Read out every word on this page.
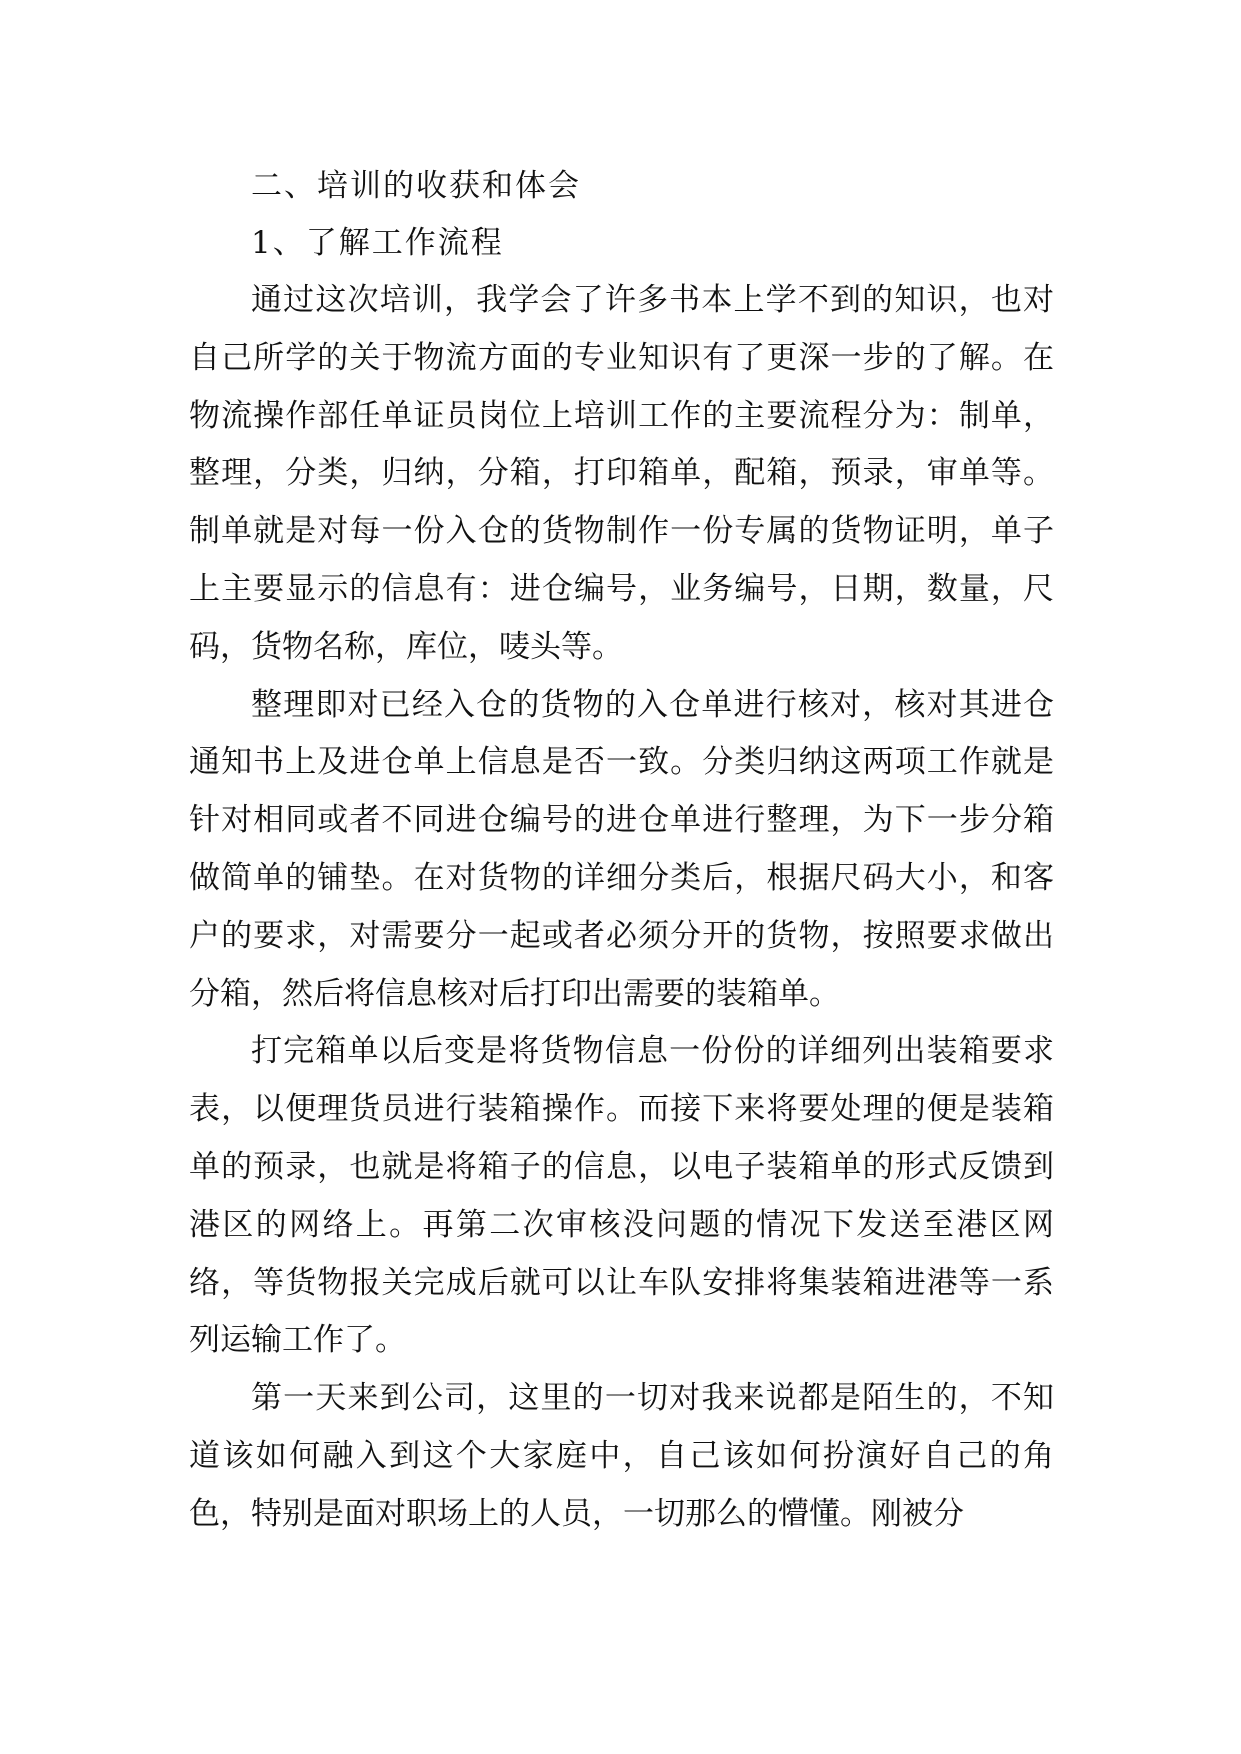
二、培训的收获和体会

1、了解工作流程

通过这次培训，我学会了许多书本上学不到的知识，也对自己所学的关于物流方面的专业知识有了更深一步的了解。在物流操作部任单证员岗位上培训工作的主要流程分为：制单，整理，分类，归纳，分箱，打印箱单，配箱，预录，审单等。制单就是对每一份入仓的货物制作一份专属的货物证明，单子上主要显示的信息有：进仓编号，业务编号，日期，数量，尺码，货物名称，库位，唛头等。

整理即对已经入仓的货物的入仓单进行核对，核对其进仓通知书上及进仓单上信息是否一致。分类归纳这两项工作就是针对相同或者不同进仓编号的进仓单进行整理，为下一步分箱做简单的铺垫。在对货物的详细分类后，根据尺码大小，和客户的要求，对需要分一起或者必须分开的货物，按照要求做出分箱，然后将信息核对后打印出需要的装箱单。

打完箱单以后变是将货物信息一份份的详细列出装箱要求表，以便理货员进行装箱操作。而接下来将要处理的便是装箱单的预录，也就是将箱子的信息，以电子装箱单的形式反馈到港区的网络上。再第二次审核没问题的情况下发送至港区网络，等货物报关完成后就可以让车队安排将集装箱进港等一系列运输工作了。

第一天来到公司，这里的一切对我来说都是陌生的，不知道该如何融入到这个大家庭中，自己该如何扮演好自己的角色，特别是面对职场上的人员，一切那么的懵懂。刚被分
